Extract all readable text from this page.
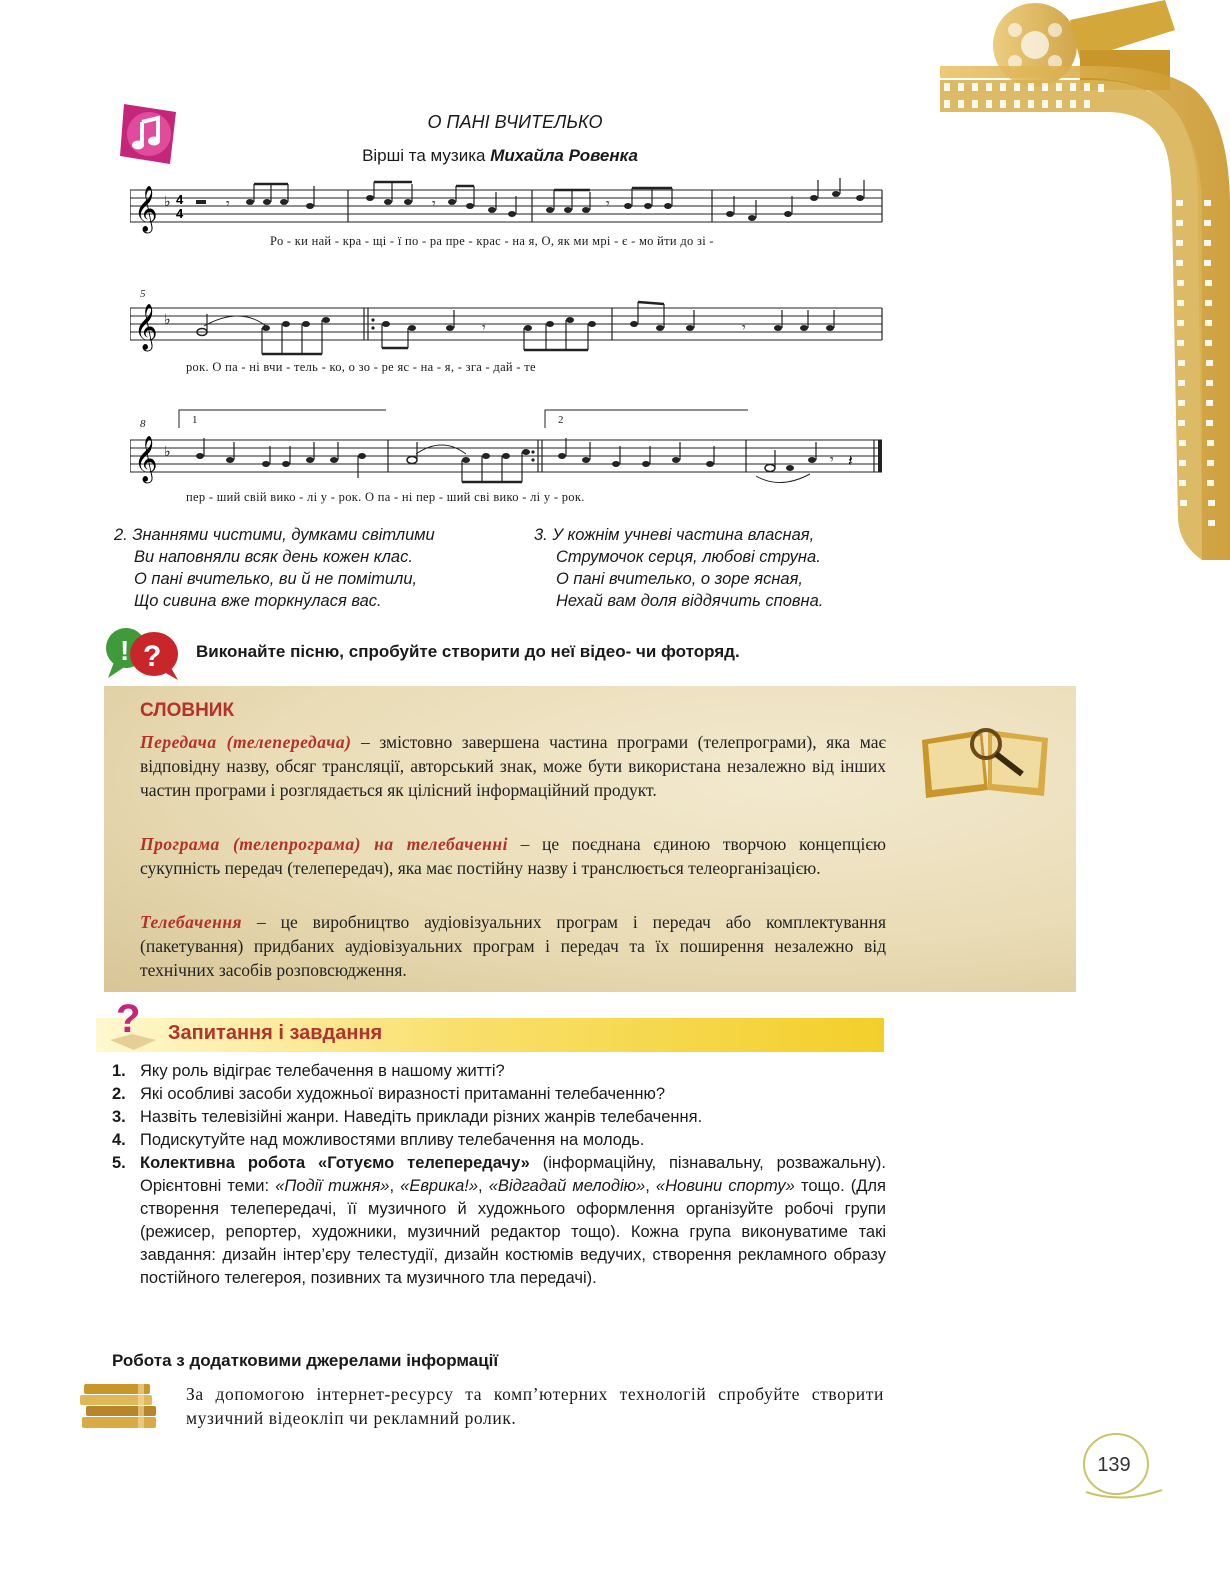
О ПАНІ ВЧИТЕЛЬКО
Вірші та музика Михайла Ровенка
𝄞 ♭ 4
4
𝄾	𝄾	𝄾
Ро - ки най - кра - щі - ї по - ра пре - крас - на я, О, як ми мрі - є - мо йти до зі -
5
𝄞 ♭	𝄾	𝄾
рок. О па - ні вчи - тель - ко, о зо - ре яс - на - я, - зга - дай - те
8	1	2
𝄞 ♭	𝄾 𝄽
пер - ший свій вико - лі у - рок. О па - ні пер - ший сві вико - лі у - рок.
2. Знаннями чистими, думками світлими
Ви наповняли всяк день кожен клас.
О пані вчителько, ви й не помітили,
Що сивина вже торкнулася вас.
3. У кожнім учневі частина власная,
Струмочок серця, любові струна.
О пані вчителько, о зоре ясная,
Нехай вам доля віддячить сповна.
! ? Виконайте пісню, спробуйте створити до неї відео- чи фоторяд.
СЛОВНИК
Передача (телепередача) – змістовно завершена частина програми (телепрограми), яка має відповідну назву, обсяг трансляції, авторський знак, може бути використана незалежно від інших частин програми і розглядається як цілісний інформаційний продукт.
Програма (телепрограма) на телебаченні – це поєднана єдиною творчою концепцією сукупність передач (телепередач), яка має постійну назву і транслюється телеорганізацією.
Телебачення – це виробництво аудіовізуальних програм і передач або комплектування (пакетування) придбаних аудіовізуальних програм і передач та їх поширення незалежно від технічних засобів розповсюдження.
? Запитання і завдання
1. Яку роль відіграє телебачення в нашому житті?
2. Які особливі засоби художньої виразності притаманні телебаченню?
3. Назвіть телевізійні жанри. Наведіть приклади різних жанрів телебачення.
4. Подискутуйте над можливостями впливу телебачення на молодь.
5. Колективна робота «Готуємо телепередачу» (інформаційну, пізнавальну, розважальну). Орієнтовні теми: «Події тижня», «Еврика!», «Відгадай мелодію», «Новини спорту» тощо. (Для створення телепередачі, її музичного й художнього оформлення організуйте робочі групи (режисер, репортер, художники, музичний редактор тощо). Кожна група виконуватиме такі завдання: дизайн інтер’єру телестудії, дизайн костюмів ведучих, створення рекламного образу постійного телегероя, позивних та музичного тла передачі).
Робота з додатковими джерелами інформації
За допомогою інтернет-ресурсу та комп’ютерних технологій спробуйте створити музичний відеокліп чи рекламний ролик.
139
